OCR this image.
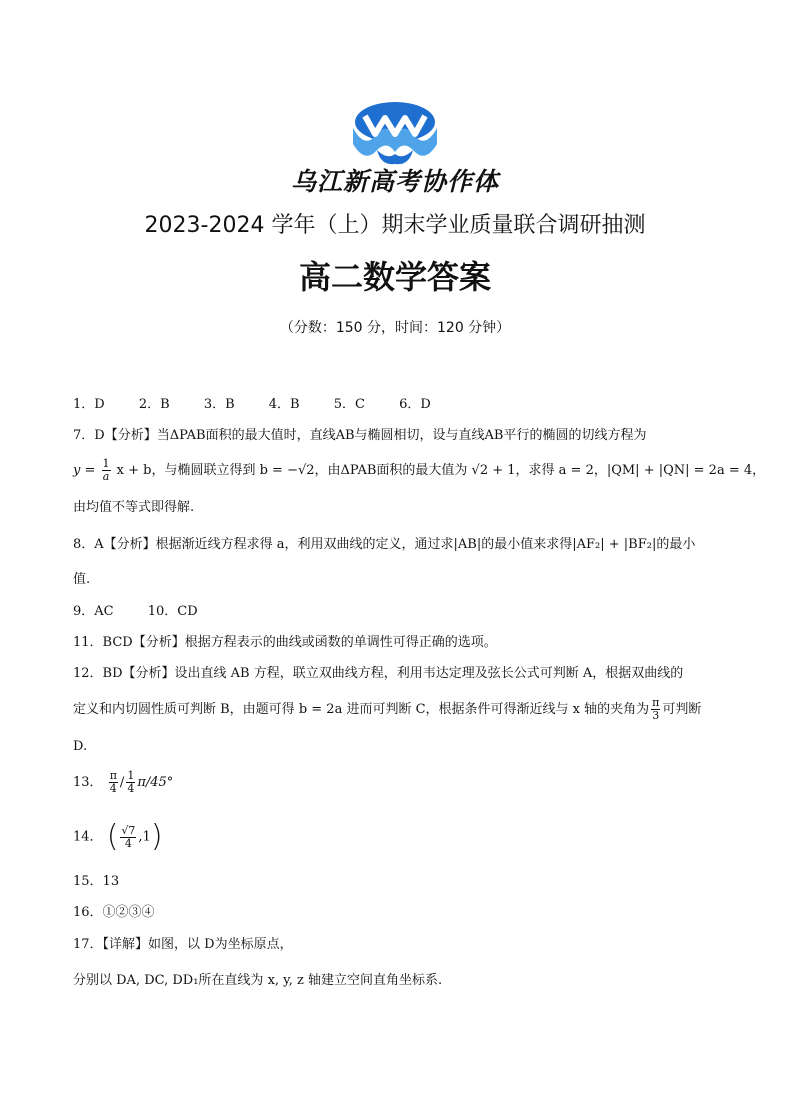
乌江新高考协作体
2023-2024 学年（上）期末学业质量联合调研抽测
高二数学答案
（分数：150 分，时间：120 分钟）
1．D	2．B	3．B	4．B	5．C	6．D
7．D【分析】当ΔPAB面积的最大值时，直线AB与椭圆相切，设与直线AB平行的椭圆的切线方程为
$y = \frac{1}{a}$ x + b，与椭圆联立得到 b = −√2，由ΔPAB面积的最大值为 √2 + 1，求得 a = 2，|QM| + |QN| = 2a = 4，
由均值不等式即得解.
8．A【分析】根据渐近线方程求得 a，利用双曲线的定义，通过求|AB|的最小值来求得|AF₂| + |BF₂|的最小
值.
9．AC	10．CD
11．BCD【分析】根据方程表示的曲线或函数的单调性可得正确的选项。
12．BD【分析】设出直线 AB 方程，联立双曲线方程，利用韦达定理及弦长公式可判断 A，根据双曲线的
定义和内切圆性质可判断 B，由题可得 b = 2a 进而可判断 C，根据条件可得渐近线与 x 轴的夹角为 $\frac{\pi}{3}$ 可判断
D.
13． $\frac{\pi}{4} / \frac{1}{4} \pi/45^\circ$
14． ( $\frac{√7}{4} ,1$)
15．13
16．①②③④
17．【详解】如图，以 D为坐标原点，
分别以 DA, DC, DD₁所在直线为 x, y, z 轴建立空间直角坐标系.
